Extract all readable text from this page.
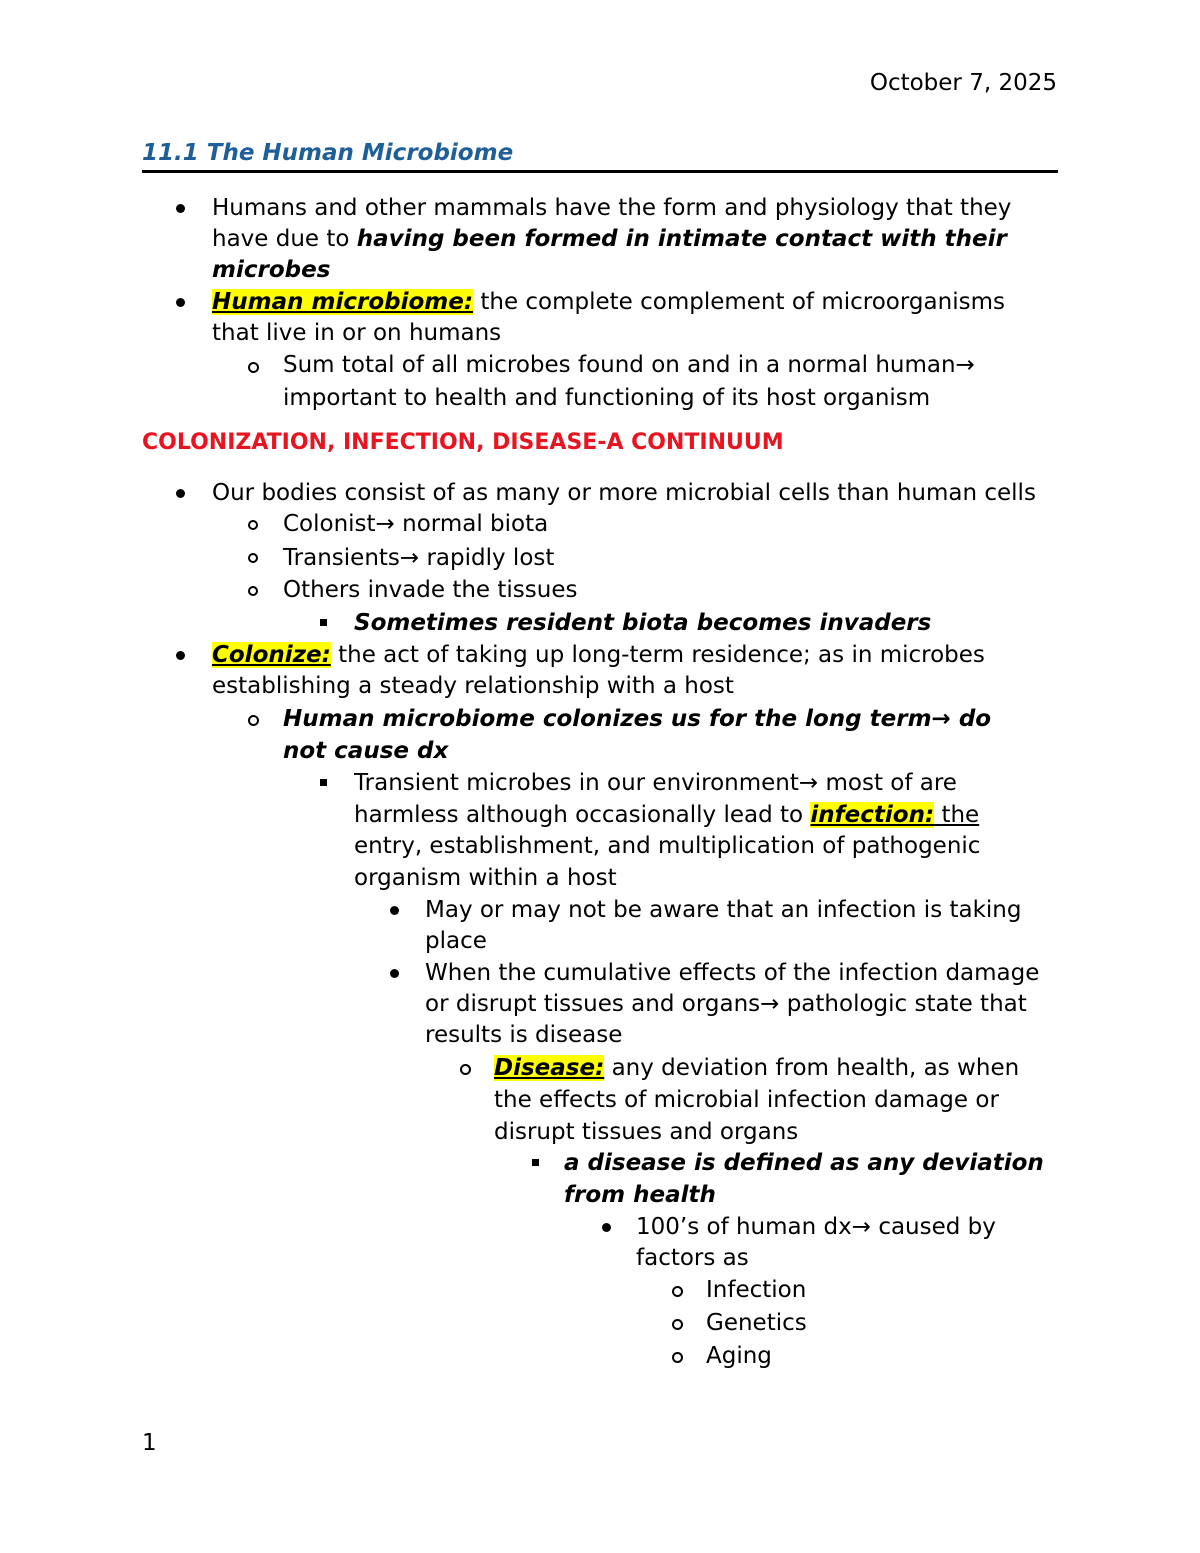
October 7, 2025
11.1 The Human Microbiome
Humans and other mammals have the form and physiology that they
have due to having been formed in intimate contact with their
microbes
Human microbiome: the complete complement of microorganisms
that live in or on humans
Sum total of all microbes found on and in a normal human→
important to health and functioning of its host organism
COLONIZATION, INFECTION, DISEASE-A CONTINUUM
Our bodies consist of as many or more microbial cells than human cells
Colonist→ normal biota
Transients→ rapidly lost
Others invade the tissues
Sometimes resident biota becomes invaders
Colonize: the act of taking up long-term residence; as in microbes
establishing a steady relationship with a host
Human microbiome colonizes us for the long term→ do
not cause dx
Transient microbes in our environment→ most of are
harmless although occasionally lead to infection: the
entry, establishment, and multiplication of pathogenic
organism within a host
May or may not be aware that an infection is taking
place
When the cumulative effects of the infection damage
or disrupt tissues and organs→ pathologic state that
results is disease
Disease: any deviation from health, as when
the effects of microbial infection damage or
disrupt tissues and organs
a disease is defined as any deviation
from health
100’s of human dx→ caused by
factors as
Infection
Genetics
Aging
1
